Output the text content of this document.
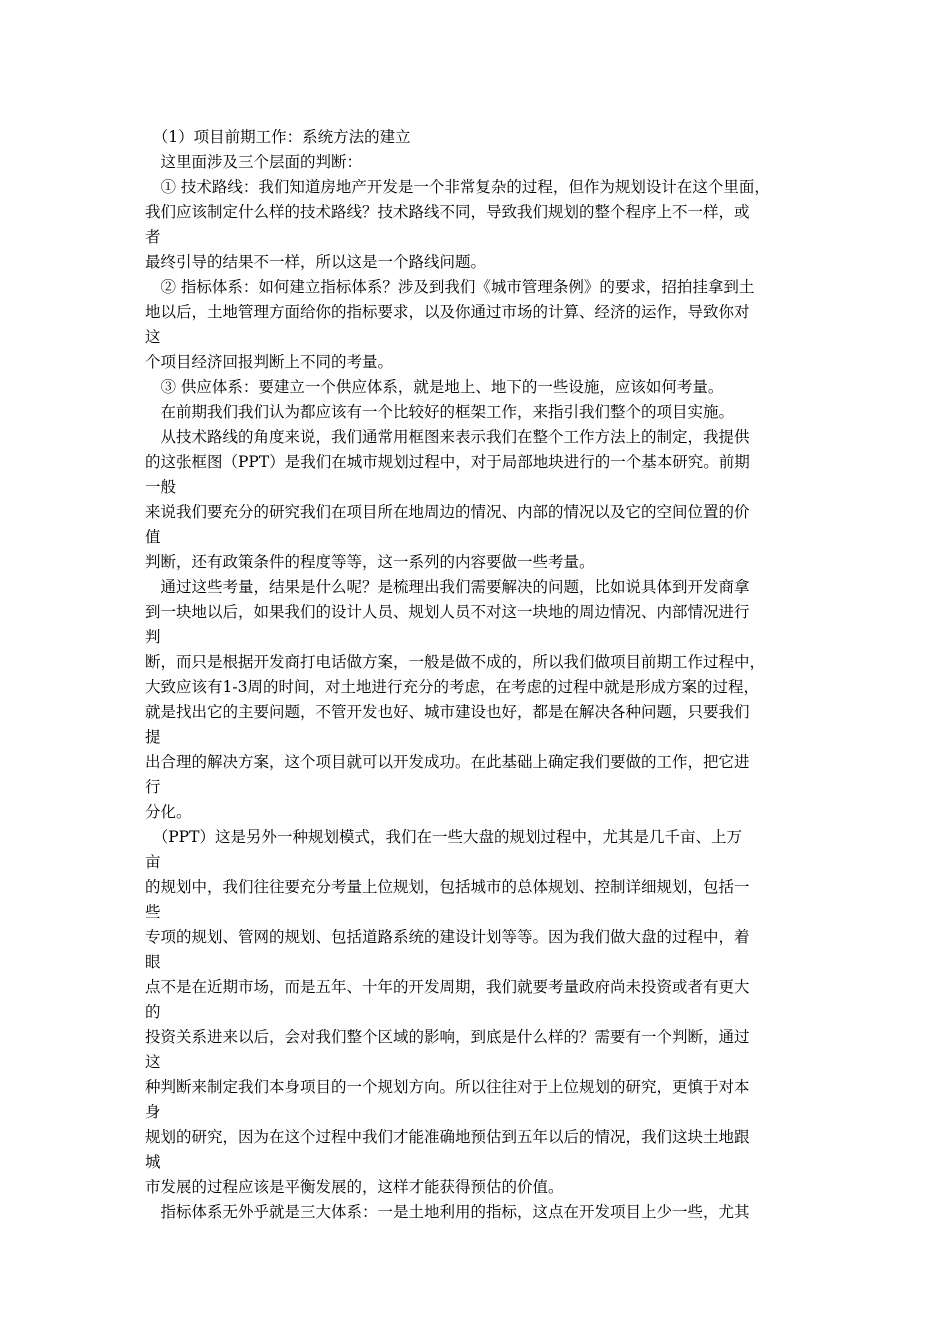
　（1）项目前期工作：系统方法的建立
　这里面涉及三个层面的判断：
　① 技术路线：我们知道房地产开发是一个非常复杂的过程，但作为规划设计在这个里面，
我们应该制定什么样的技术路线？技术路线不同，导致我们规划的整个程序上不一样，或
者
最终引导的结果不一样，所以这是一个路线问题。
　② 指标体系：如何建立指标体系？涉及到我们《城市管理条例》的要求，招拍挂拿到土
地以后，土地管理方面给你的指标要求，以及你通过市场的计算、经济的运作，导致你对
这
个项目经济回报判断上不同的考量。
　③ 供应体系：要建立一个供应体系，就是地上、地下的一些设施，应该如何考量。
　在前期我们我们认为都应该有一个比较好的框架工作，来指引我们整个的项目实施。
　从技术路线的角度来说，我们通常用框图来表示我们在整个工作方法上的制定，我提供
的这张框图（PPT）是我们在城市规划过程中，对于局部地块进行的一个基本研究。前期
一般
来说我们要充分的研究我们在项目所在地周边的情况、内部的情况以及它的空间位置的价
值
判断，还有政策条件的程度等等，这一系列的内容要做一些考量。
　通过这些考量，结果是什么呢？是梳理出我们需要解决的问题，比如说具体到开发商拿
到一块地以后，如果我们的设计人员、规划人员不对这一块地的周边情况、内部情况进行
判
断，而只是根据开发商打电话做方案，一般是做不成的，所以我们做项目前期工作过程中，
大致应该有1-3周的时间，对土地进行充分的考虑，在考虑的过程中就是形成方案的过程，
就是找出它的主要问题，不管开发也好、城市建设也好，都是在解决各种问题，只要我们
提
出合理的解决方案，这个项目就可以开发成功。在此基础上确定我们要做的工作，把它进
行
分化。
　（PPT）这是另外一种规划模式，我们在一些大盘的规划过程中，尤其是几千亩、上万
亩
的规划中，我们往往要充分考量上位规划，包括城市的总体规划、控制详细规划，包括一
些
专项的规划、管网的规划、包括道路系统的建设计划等等。因为我们做大盘的过程中，着
眼
点不是在近期市场，而是五年、十年的开发周期，我们就要考量政府尚未投资或者有更大
的
投资关系进来以后，会对我们整个区域的影响，到底是什么样的？需要有一个判断，通过
这
种判断来制定我们本身项目的一个规划方向。所以往往对于上位规划的研究，更慎于对本
身
规划的研究，因为在这个过程中我们才能准确地预估到五年以后的情况，我们这块土地跟
城
市发展的过程应该是平衡发展的，这样才能获得预估的价值。
　指标体系无外乎就是三大体系：一是土地利用的指标，这点在开发项目上少一些，尤其
